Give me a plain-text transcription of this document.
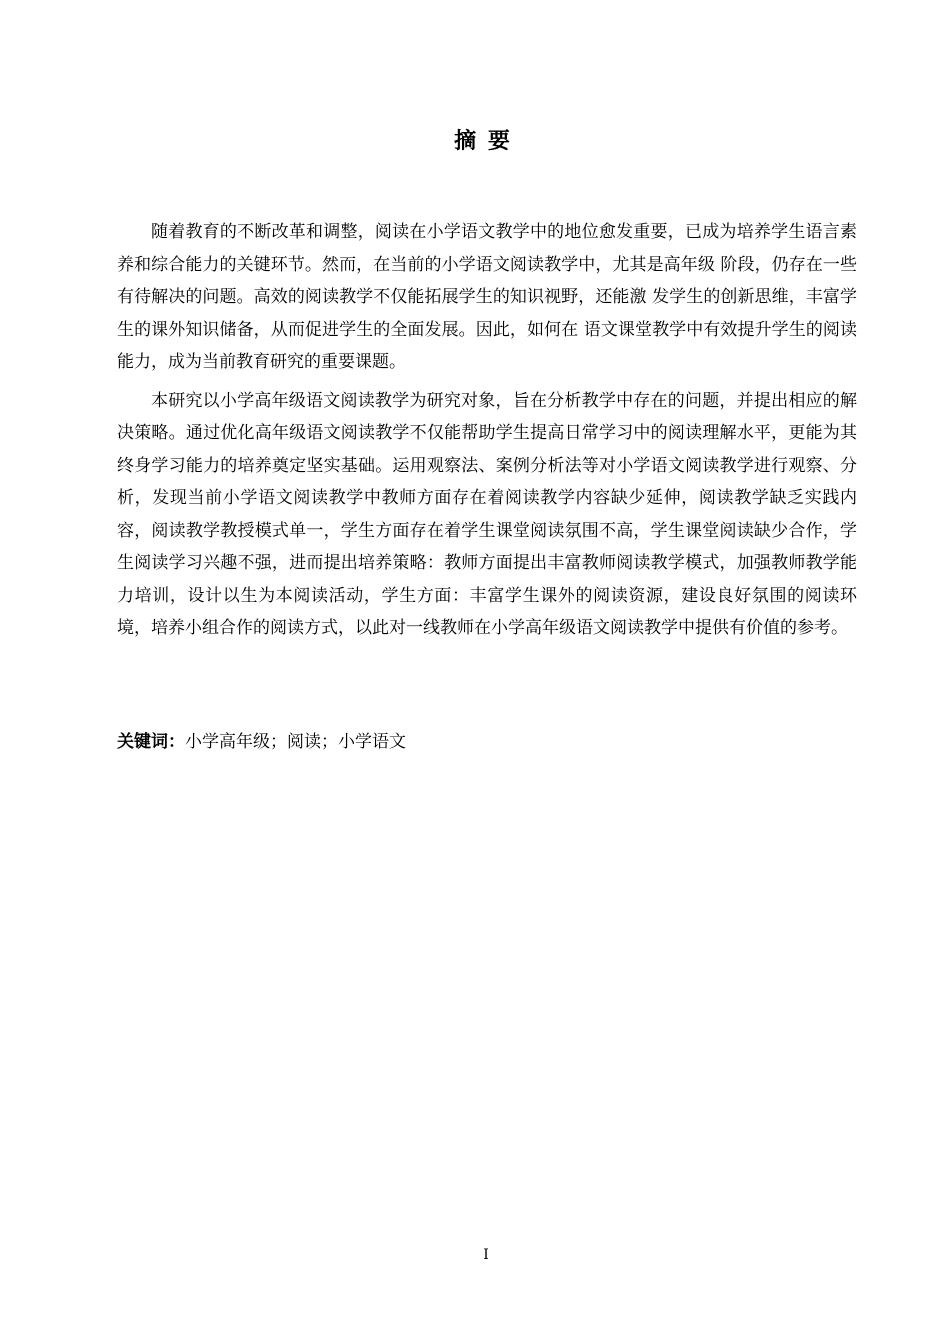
摘 要

随着教育的不断改革和调整，阅读在小学语文教学中的地位愈发重要，已成为培养学生语言素养和综合能力的关键环节。然而，在当前的小学语文阅读教学中，尤其是高年级 阶段，仍存在一些有待解决的问题。高效的阅读教学不仅能拓展学生的知识视野，还能激 发学生的创新思维，丰富学生的课外知识储备，从而促进学生的全面发展。因此，如何在 语文课堂教学中有效提升学生的阅读能力，成为当前教育研究的重要课题。

本研究以小学高年级语文阅读教学为研究对象，旨在分析教学中存在的问题，并提出相应的解决策略。通过优化高年级语文阅读教学不仅能帮助学生提高日常学习中的阅读理解水平，更能为其终身学习能力的培养奠定坚实基础。运用观察法、案例分析法等对小学语文阅读教学进行观察、分析，发现当前小学语文阅读教学中教师方面存在着阅读教学内容缺少延伸，阅读教学缺乏实践内容，阅读教学教授模式单一，学生方面存在着学生课堂阅读氛围不高，学生课堂阅读缺少合作，学生阅读学习兴趣不强，进而提出培养策略：教师方面提出丰富教师阅读教学模式，加强教师教学能力培训，设计以生为本阅读活动，学生方面：丰富学生课外的阅读资源，建设良好氛围的阅读环境，培养小组合作的阅读方式，以此对一线教师在小学高年级语文阅读教学中提供有价值的参考。

关键词：小学高年级；阅读；小学语文
I
